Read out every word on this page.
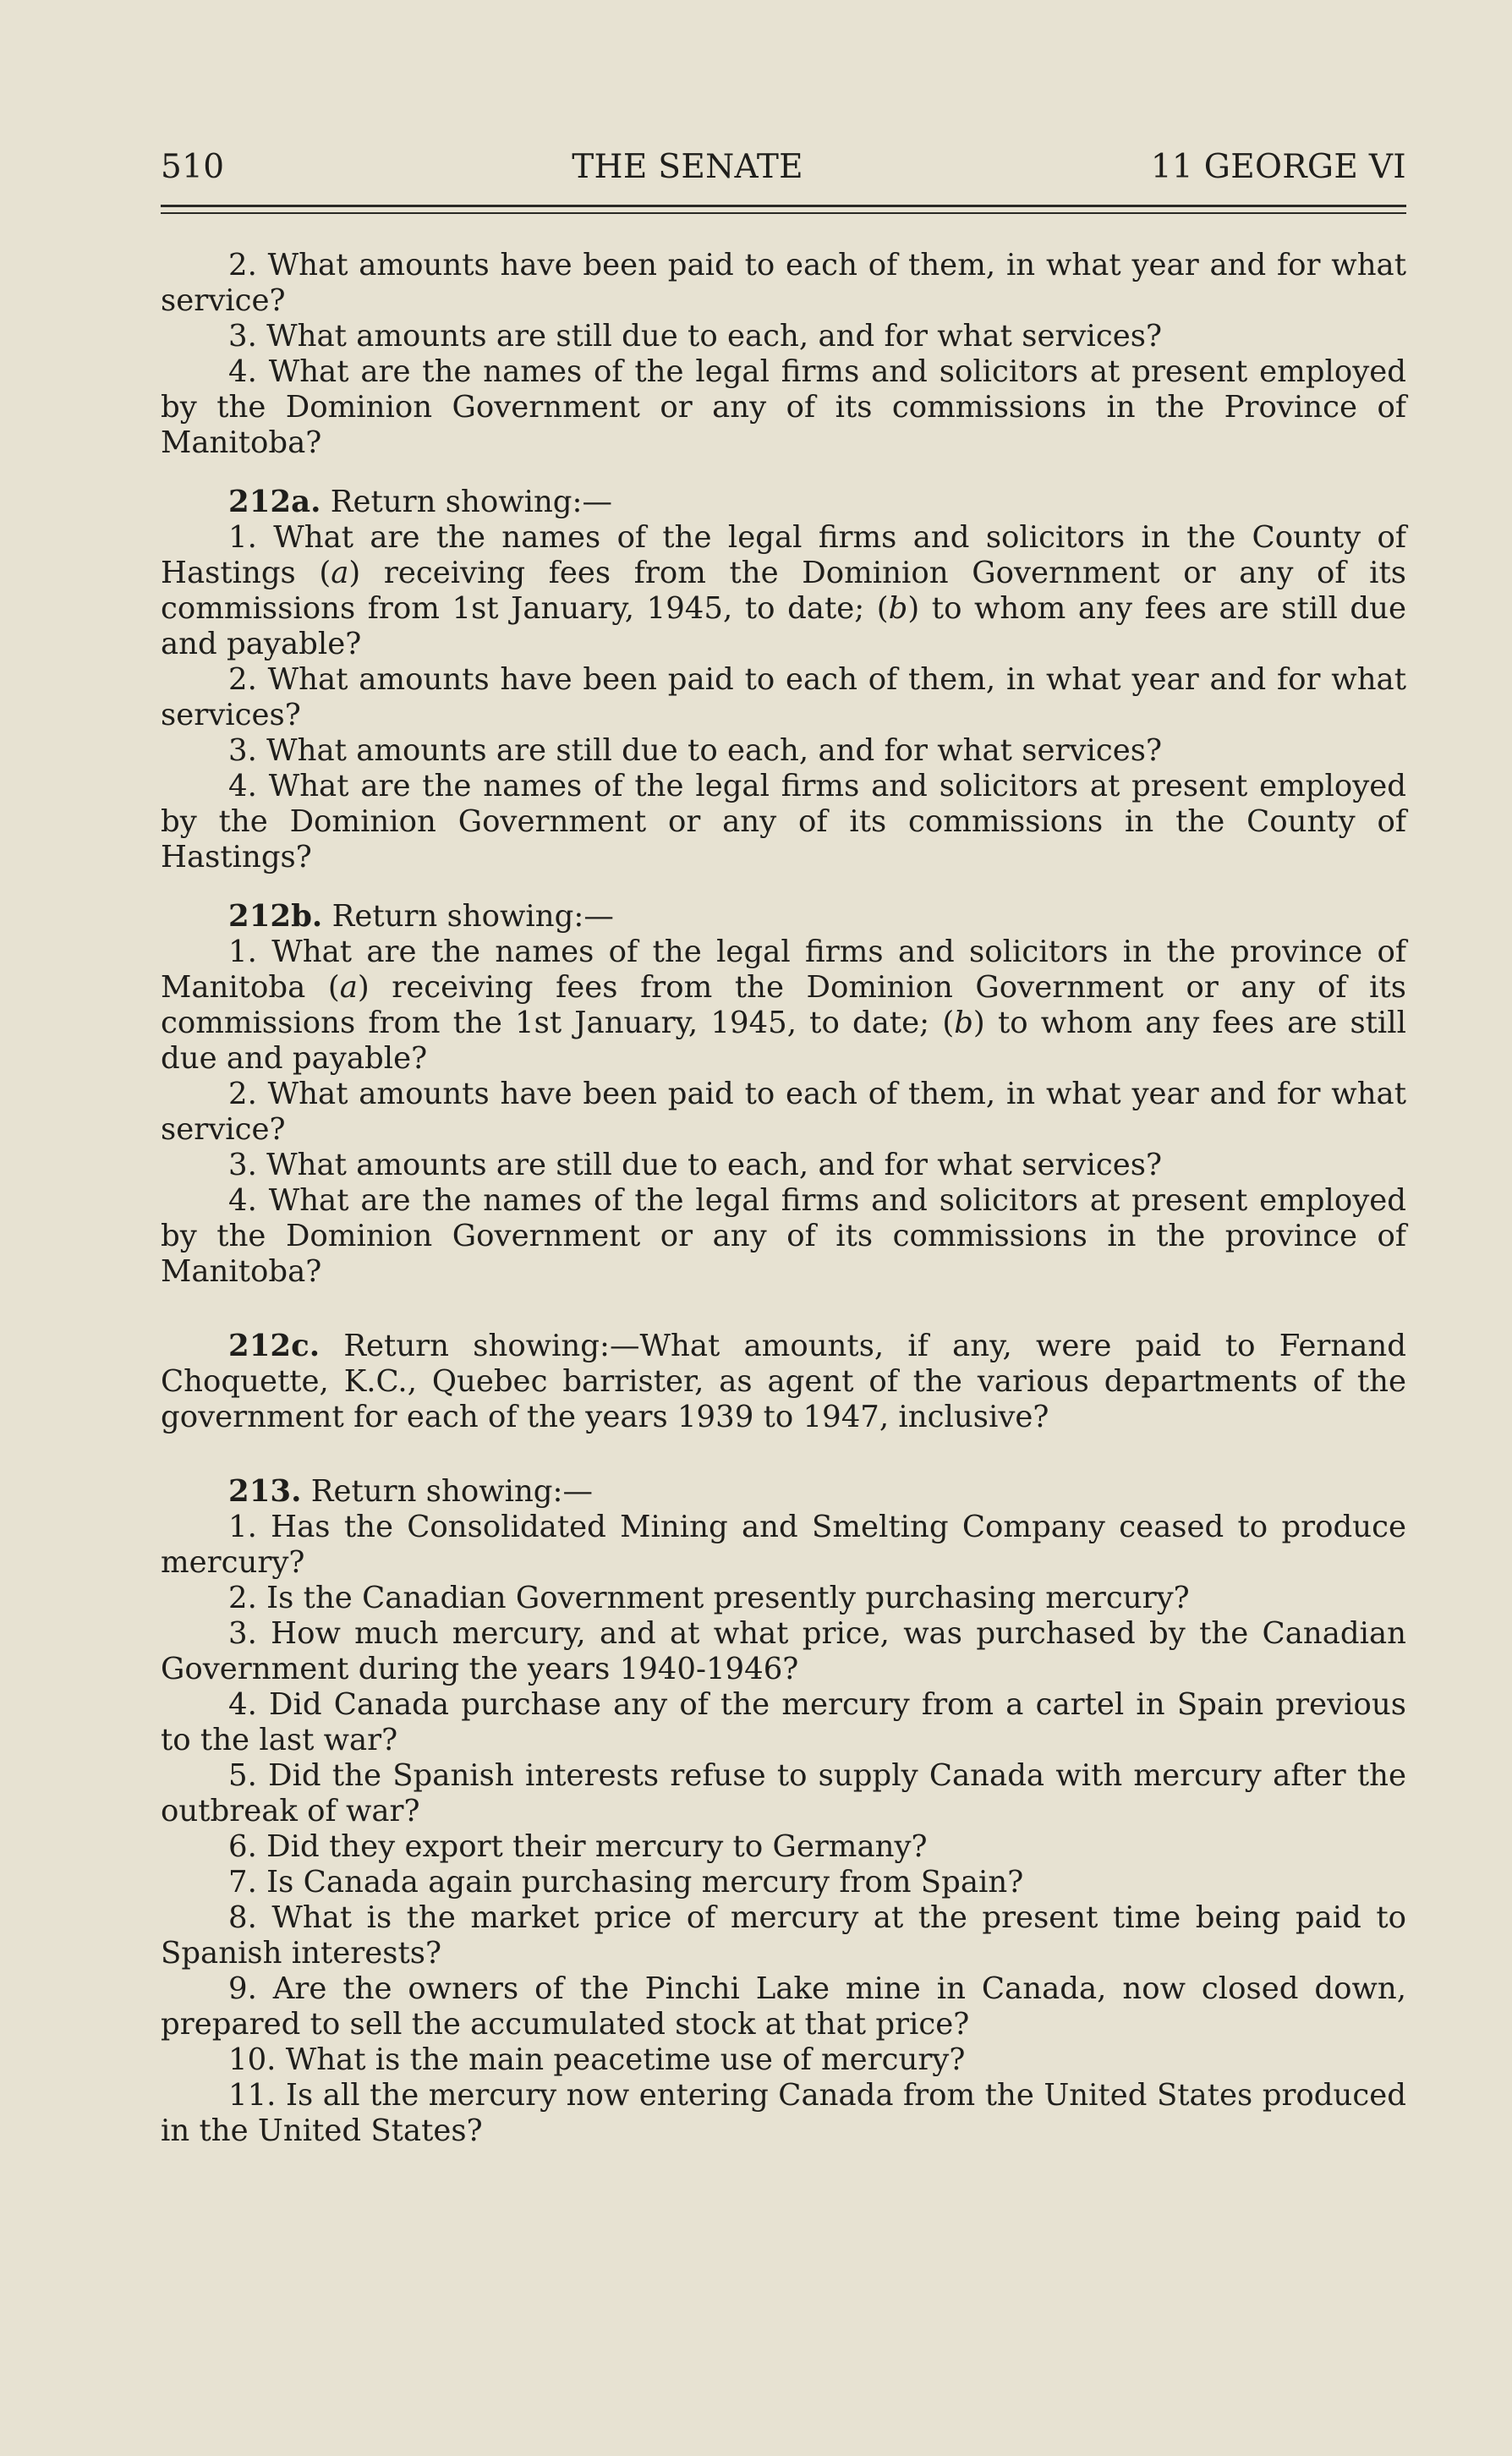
510	THE SENATE	11 GEORGE VI

2. What amounts have been paid to each of them, in what year and for what service?

3. What amounts are still due to each, and for what services?

4. What are the names of the legal firms and solicitors at present employed by the Dominion Government or any of its commissions in the Province of Manitoba?

212a. Return showing:—

1. What are the names of the legal firms and solicitors in the County of Hastings (a) receiving fees from the Dominion Government or any of its commissions from 1st January, 1945, to date; (b) to whom any fees are still due and payable?

2. What amounts have been paid to each of them, in what year and for what services?

3. What amounts are still due to each, and for what services?

4. What are the names of the legal firms and solicitors at present employed by the Dominion Government or any of its commissions in the County of Hastings?

212b. Return showing:—

1. What are the names of the legal firms and solicitors in the province of Manitoba (a) receiving fees from the Dominion Government or any of its commissions from the 1st January, 1945, to date; (b) to whom any fees are still due and payable?

2. What amounts have been paid to each of them, in what year and for what service?

3. What amounts are still due to each, and for what services?

4. What are the names of the legal firms and solicitors at present employed by the Dominion Government or any of its commissions in the province of Manitoba?

212c. Return showing:—What amounts, if any, were paid to Fernand Choquette, K.C., Quebec barrister, as agent of the various departments of the government for each of the years 1939 to 1947, inclusive?

213. Return showing:—

1. Has the Consolidated Mining and Smelting Company ceased to produce mercury?

2. Is the Canadian Government presently purchasing mercury?

3. How much mercury, and at what price, was purchased by the Canadian Government during the years 1940-1946?

4. Did Canada purchase any of the mercury from a cartel in Spain previous to the last war?

5. Did the Spanish interests refuse to supply Canada with mercury after the outbreak of war?

6. Did they export their mercury to Germany?

7. Is Canada again purchasing mercury from Spain?

8. What is the market price of mercury at the present time being paid to Spanish interests?

9. Are the owners of the Pinchi Lake mine in Canada, now closed down, prepared to sell the accumulated stock at that price?

10. What is the main peacetime use of mercury?

11. Is all the mercury now entering Canada from the United States produced in the United States?
